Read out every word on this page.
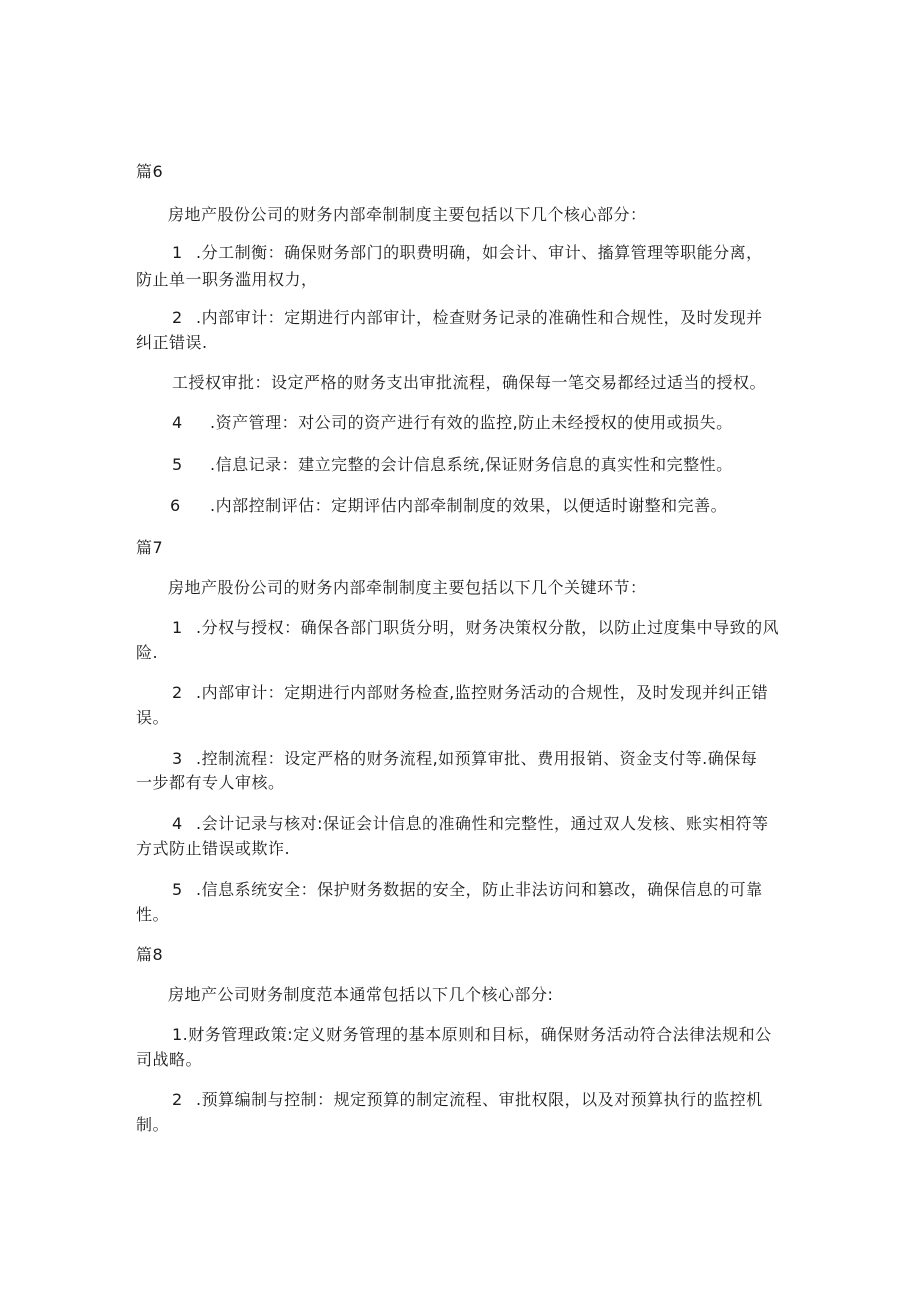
篇6
房地产股份公司的财务内部牵制制度主要包括以下几个核心部分：
1 .分工制衡：确保财务部门的职费明确，如会计、审计、搐算管理等职能分离，
防止单一职务滥用权力，
2 .内部审计：定期进行内部审计，检查财务记录的准确性和合规性，及时发现并
纠正错误.
工授权审批：设定严格的财务支出审批流程，确保每一笔交易都经过适当的授权。
4 .资产管理：对公司的资产进行有效的监控,防止未经授权的使用或损失。
5 .信息记录：建立完整的会计信息系统,保证财务信息的真实性和完整性。
6 .内部控制评估：定期评估内部牵制制度的效果，以便适时谢整和完善。
篇7
房地产股份公司的财务内部牵制制度主要包括以下几个关键环节：
1 .分权与授权：确保各部门职货分明，财务决策权分散，以防止过度集中导致的风
险.
2 .内部审计：定期进行内部财务检查,监控财务活动的合规性，及时发现并纠正错
误。
3 .控制流程：设定严格的财务流程,如预算审批、费用报销、资金支付等.确保每
一步都有专人审核。
4 .会计记录与核对:保证会计信息的准确性和完整性，通过双人发核、账实相符等
方式防止错误或欺诈.
5 .信息系统安全：保护财务数据的安全，防止非法访问和篡改，确保信息的可靠
性。
篇8
房地产公司财务制度范本通常包括以下几个核心部分:
1.财务管理政策:定义财务管理的基本原则和目标，确保财务活动符合法律法规和公
司战略。
2 .预算编制与控制：规定预算的制定流程、审批权限，以及对预算执行的监控机
制。
